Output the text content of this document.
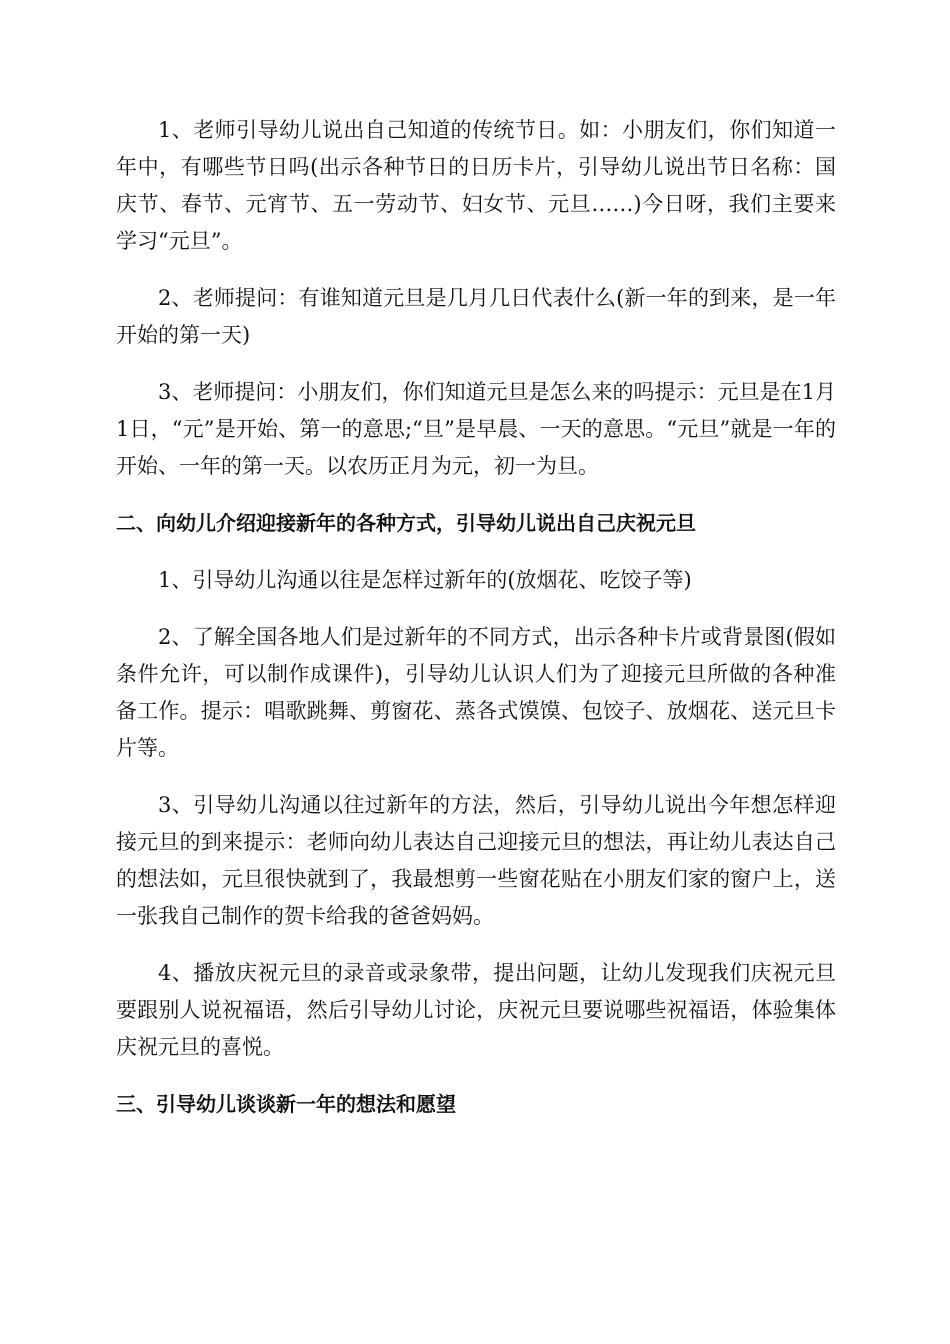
1、老师引导幼儿说出自己知道的传统节日。如：小朋友们，你们知道一年中，有哪些节日吗(出示各种节日的日历卡片，引导幼儿说出节日名称：国庆节、春节、元宵节、五一劳动节、妇女节、元旦……)今日呀，我们主要来学习“元旦”。

2、老师提问：有谁知道元旦是几月几日代表什么(新一年的到来，是一年开始的第一天)

3、老师提问：小朋友们，你们知道元旦是怎么来的吗提示：元旦是在1月1日，“元”是开始、第一的意思;“旦”是早晨、一天的意思。“元旦”就是一年的开始、一年的第一天。以农历正月为元，初一为旦。

二、向幼儿介绍迎接新年的各种方式，引导幼儿说出自己庆祝元旦

1、引导幼儿沟通以往是怎样过新年的(放烟花、吃饺子等)

2、了解全国各地人们是过新年的不同方式，出示各种卡片或背景图(假如条件允许，可以制作成课件)，引导幼儿认识人们为了迎接元旦所做的各种准备工作。提示：唱歌跳舞、剪窗花、蒸各式馍馍、包饺子、放烟花、送元旦卡片等。

3、引导幼儿沟通以往过新年的方法，然后，引导幼儿说出今年想怎样迎接元旦的到来提示：老师向幼儿表达自己迎接元旦的想法，再让幼儿表达自己的想法如，元旦很快就到了，我最想剪一些窗花贴在小朋友们家的窗户上，送一张我自己制作的贺卡给我的爸爸妈妈。

4、播放庆祝元旦的录音或录象带，提出问题，让幼儿发现我们庆祝元旦要跟别人说祝福语，然后引导幼儿讨论，庆祝元旦要说哪些祝福语，体验集体庆祝元旦的喜悦。

三、引导幼儿谈谈新一年的想法和愿望
